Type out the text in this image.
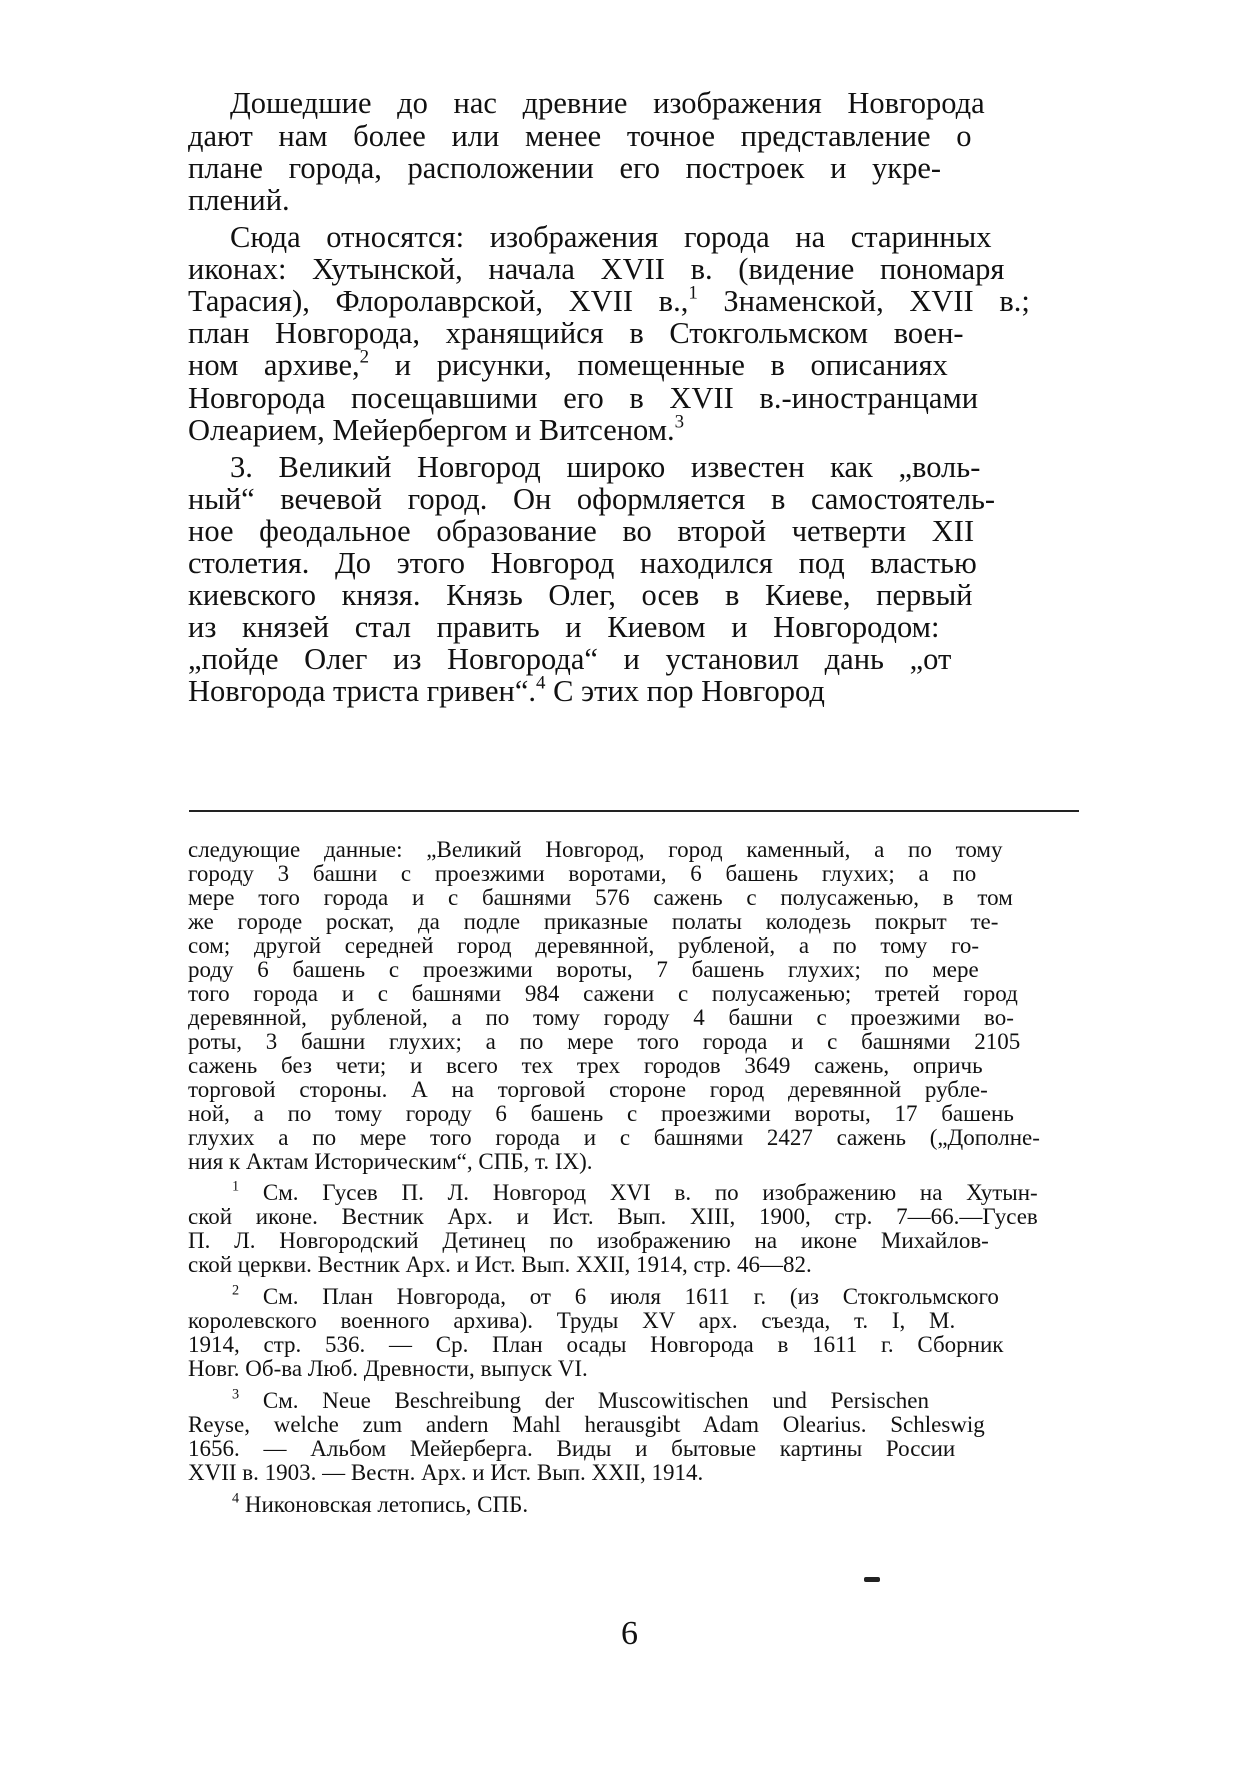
Дошедшие до нас древние изображения Новгорода

дают нам более или менее точное представление о

плане города, расположении его построек и укре-

плений.

Сюда относятся: изображения города на старинных

иконах: Хутынской, начала XVII в. (видение пономаря

Тарасия), Флоролаврской, XVII в.,$^1$ Знаменской, XVII в.;

план Новгорода, хранящийся в Стокгольмском воен-

ном архиве,$^2$ и рисунки, помещенные в описаниях

Новгорода посещавшими его в XVII в.-иностранцами

Олеарием, Мейербергом и Витсеном.$^3$

3. Великий Новгород широко известен как „воль-

ный“ вечевой город. Он оформляется в самостоятель-

ное феодальное образование во второй четверти XII

столетия. До этого Новгород находился под властью

киевского князя. Князь Олег, осев в Киеве, первый

из князей стал править и Киевом и Новгородом:

„пойде Олег из Новгорода“ и установил дань „от

Новгорода триста гривен“.$^4$ С этих пор Новгород

следующие данные: „Великий Новгород, город каменный, а по тому

городу 3 башни с проезжими воротами, 6 башень глухих; а по

мере того города и с башнями 576 сажень с полусаженью, в том

же городе роскат, да подле приказные полаты колодезь покрыт те-

сом; другой середней город деревянной, рубленой, а по тому го-

роду 6 башень с проезжими вороты, 7 башень глухих; по мере

того города и с башнями 984 сажени с полусаженью; третей город

деревянной, рубленой, а по тому городу 4 башни с проезжими во-

роты, 3 башни глухих; а по мере того города и с башнями 2105

сажень без чети; и всего тех трех городов 3649 сажень, опричь

торговой стороны. А на торговой стороне город деревянной рубле-

ной, а по тому городу 6 башень с проезжими вороты, 17 башень

глухих а по мере того города и с башнями 2427 сажень („Дополне-

ния к Актам Историческим“, СПБ, т. IX).

$^1$ См. Гусев П. Л. Новгород XVI в. по изображению на Хутын-

ской иконе. Вестник Арх. и Ист. Вып. XIII, 1900, стр. 7—66.—Гусев

П. Л. Новгородский Детинец по изображению на иконе Михайлов-

ской церкви. Вестник Арх. и Ист. Вып. XXII, 1914, стр. 46—82.

$^2$ См. План Новгорода, от 6 июля 1611 г. (из Стокгольмского

королевского военного архива). Труды XV арх. съезда, т. I, М.

1914, стр. 536. — Ср. План осады Новгорода в 1611 г. Сборник

Новг. Об-ва Люб. Древности, выпуск VI.

$^3$ См. Neue Beschreibung der Muscowitischen und Persischen

Reyse, welche zum andern Mahl herausgibt Adam Olearius. Schleswig

1656. — Альбом Мейерберга. Виды и бытовые картины России

XVII в. 1903. — Вестн. Арх. и Ист. Вып. XXII, 1914.

$^4$ Никоновская летопись, СПБ.

6
